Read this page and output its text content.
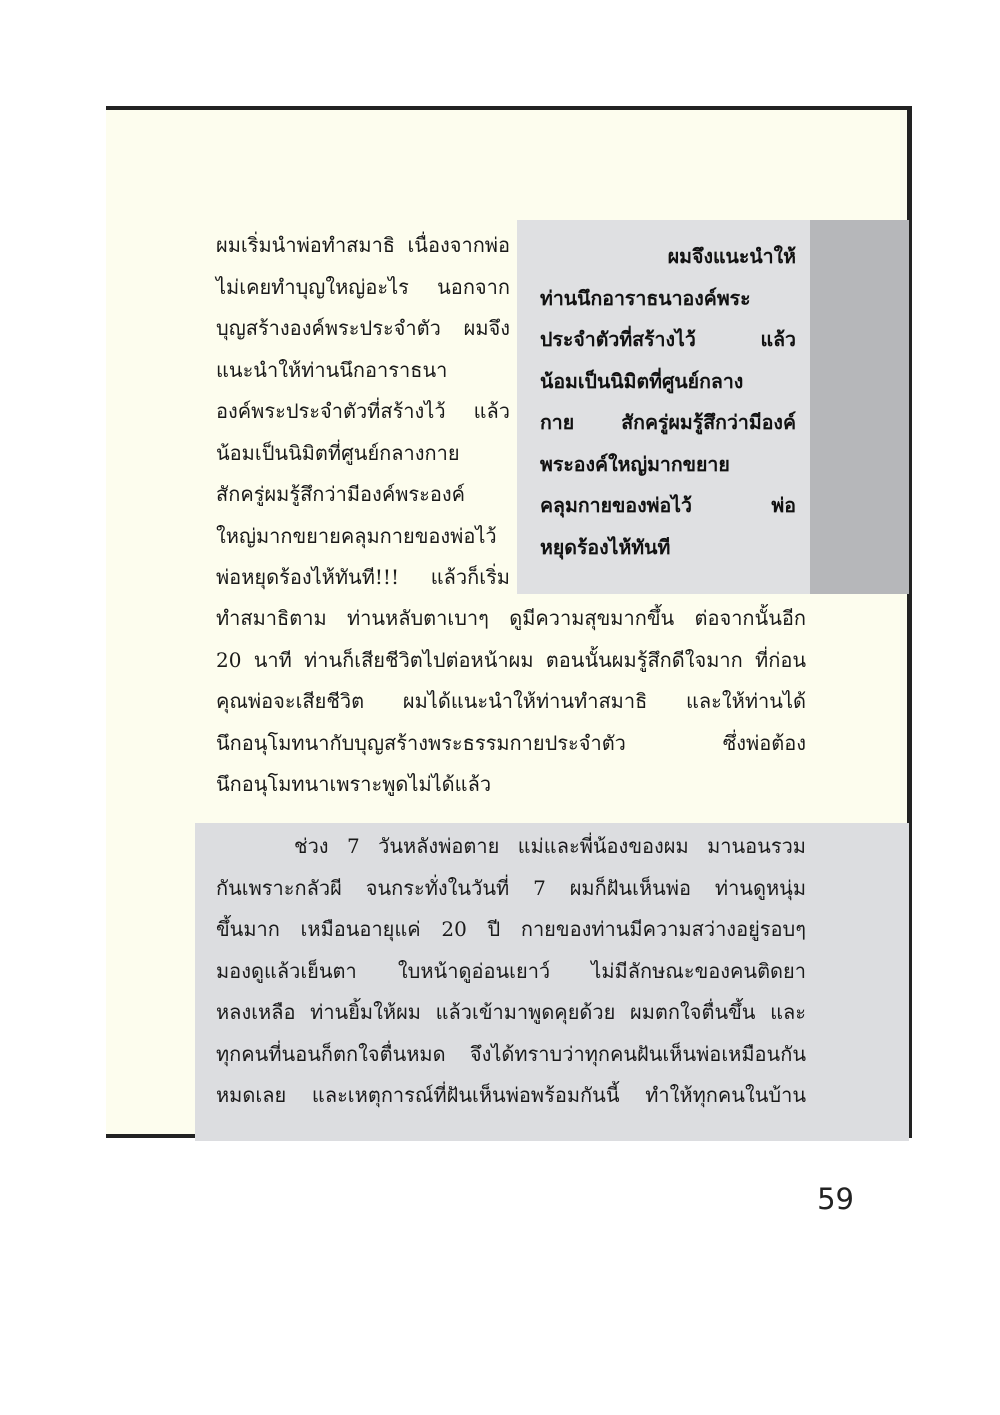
ผมจึงแนะนำให้
ท่านนึกอาราธนาองค์พระ
ประจำตัวที่สร้างไว้ แล้ว
น้อมเป็นนิมิตที่ศูนย์กลาง
กาย สักครู่ผมรู้สึกว่ามีองค์
พระองค์ใหญ่มากขยาย
คลุมกายของพ่อไว้ พ่อ
หยุดร้องไห้ทันที
ผมเริ่มนำพ่อทำสมาธิ เนื่องจากพ่อ
ไม่เคยทำบุญใหญ่อะไร นอกจาก
บุญสร้างองค์พระประจำตัว ผมจึง
แนะนำให้ท่านนึกอาราธนา
องค์พระประจำตัวที่สร้างไว้ แล้ว
น้อมเป็นนิมิตที่ศูนย์กลางกาย
สักครู่ผมรู้สึกว่ามีองค์พระองค์
ใหญ่มากขยายคลุมกายของพ่อไว้
พ่อหยุดร้องไห้ทันที!!! แล้วก็เริ่ม
ทำสมาธิตาม ท่านหลับตาเบาๆ ดูมีความสุขมากขึ้น ต่อจากนั้นอีก
20 นาที ท่านก็เสียชีวิตไปต่อหน้าผม ตอนนั้นผมรู้สึกดีใจมาก ที่ก่อน
คุณพ่อจะเสียชีวิต ผมได้แนะนำให้ท่านทำสมาธิ และให้ท่านได้
นึกอนุโมทนากับบุญสร้างพระธรรมกายประจำตัว ซึ่งพ่อต้อง
นึกอนุโมทนาเพราะพูดไม่ได้แล้ว
ช่วง 7 วันหลังพ่อตาย แม่และพี่น้องของผม มานอนรวม
กันเพราะกลัวผี จนกระทั่งในวันที่ 7 ผมก็ฝันเห็นพ่อ ท่านดูหนุ่ม
ขึ้นมาก เหมือนอายุแค่ 20 ปี กายของท่านมีความสว่างอยู่รอบๆ
มองดูแล้วเย็นตา ใบหน้าดูอ่อนเยาว์ ไม่มีลักษณะของคนติดยา
หลงเหลือ ท่านยิ้มให้ผม แล้วเข้ามาพูดคุยด้วย ผมตกใจตื่นขึ้น และ
ทุกคนที่นอนก็ตกใจตื่นหมด จึงได้ทราบว่าทุกคนฝันเห็นพ่อเหมือนกัน
หมดเลย และเหตุการณ์ที่ฝันเห็นพ่อพร้อมกันนี้ ทำให้ทุกคนในบ้าน
59
